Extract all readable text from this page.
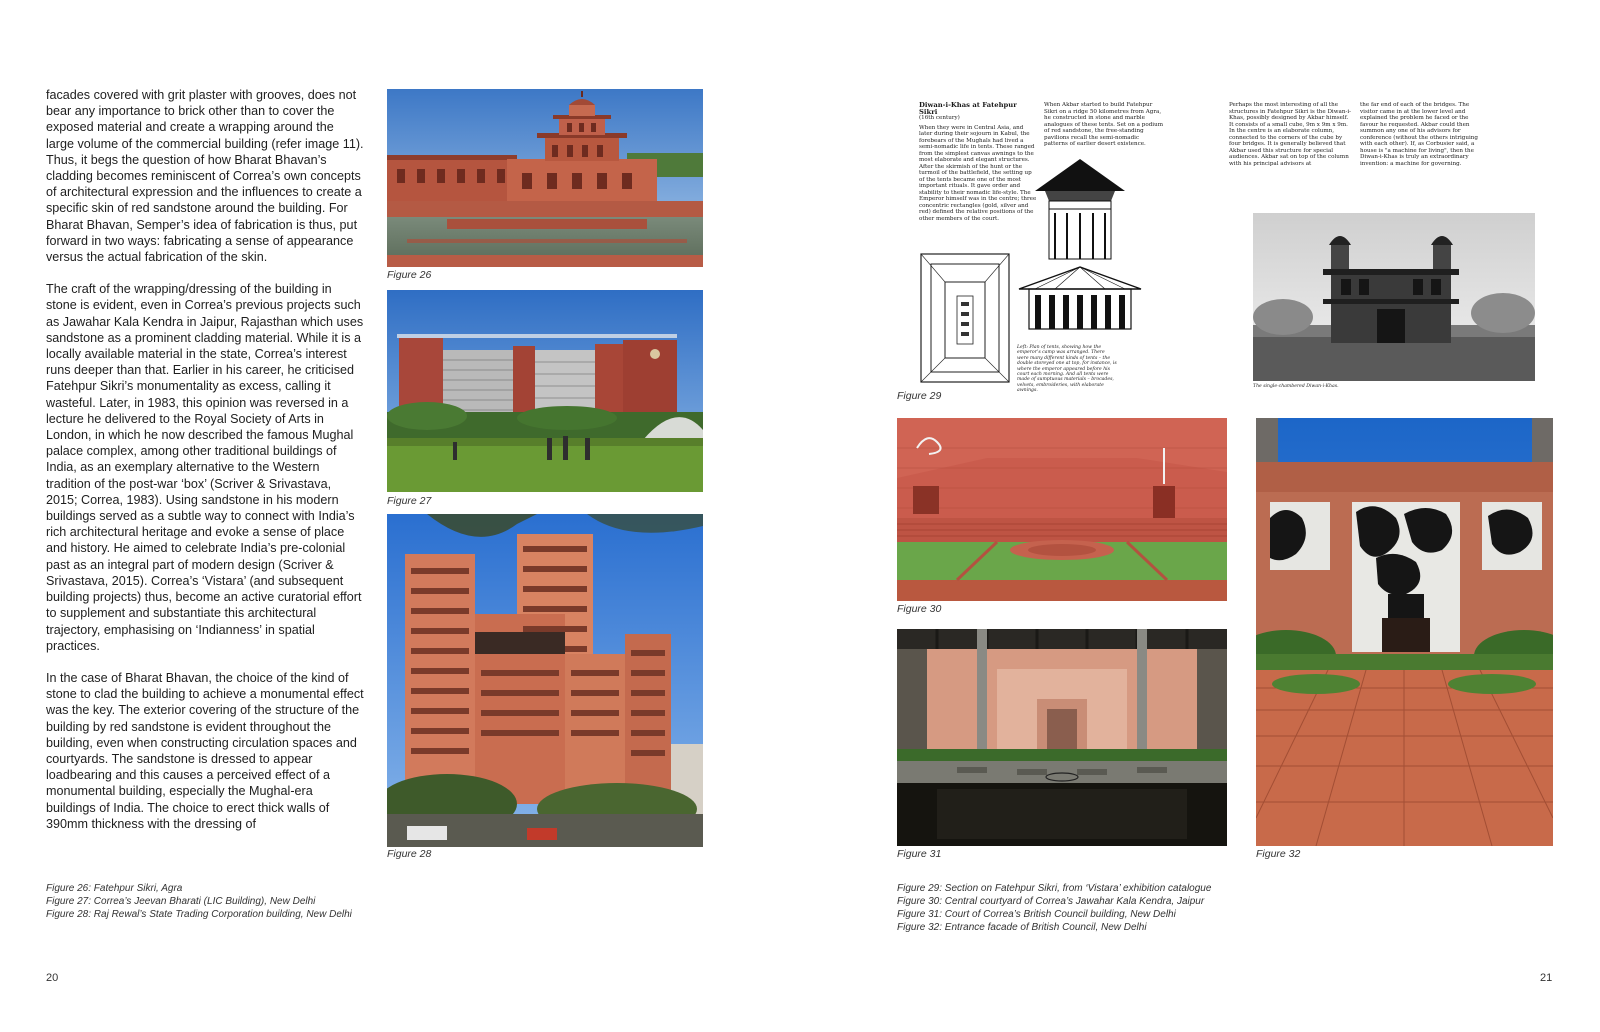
facades covered with grit plaster with grooves, does not bear any importance to brick other than to cover the exposed material and create a wrapping around the large volume of the commercial building (refer image 11). Thus, it begs the question of how Bharat Bhavan’s cladding becomes reminiscent of Correa’s own concepts of architectural expression and the influences to create a specific skin of red sandstone around the building. For Bharat Bhavan, Semper’s idea of fabrication is thus, put forward in two ways: fabricating a sense of appearance versus the actual fabrication of the skin.

The craft of the wrapping/dressing of the building in stone is evident, even in Correa’s previous projects such as Jawahar Kala Kendra in Jaipur, Rajasthan which uses sandstone as a prominent cladding material. While it is a locally available material in the state, Correa’s interest runs deeper than that. Earlier in his career, he criticised Fatehpur Sikri’s monumentality as excess, calling it wasteful. Later, in 1983, this opinion was reversed in a lecture he delivered to the Royal Society of Arts in London, in which he now described the famous Mughal palace complex, among other traditional buildings of India, as an exemplary alternative to the Western tradition of the post-war ‘box’ (Scriver & Srivastava, 2015; Correa, 1983). Using sandstone in his modern buildings served as a subtle way to connect with India’s rich architectural heritage and evoke a sense of place and history. He aimed to celebrate India’s pre-colonial past as an integral part of modern design (Scriver & Srivastava, 2015). Correa’s ‘Vistara’ (and subsequent building projects) thus, become an active curatorial effort to supplement and substantiate this architectural trajectory, emphasising on ‘Indianness’ in spatial practices.

In the case of Bharat Bhavan, the choice of the kind of stone to clad the building to achieve a monumental effect was the key. The exterior covering of the structure of the building by red sandstone is evident throughout the building, even when constructing circulation spaces and courtyards. The sandstone is dressed to appear loadbearing and this causes a perceived effect of a monumental building, especially the Mughal-era buildings of India. The choice to erect thick walls of 390mm thickness with the dressing of

Figure 26
Figure 27
Figure 28
Figure 26: Fatehpur Sikri, Agra
Figure 27: Correa’s Jeevan Bharati (LIC Building), New Delhi
Figure 28: Raj Rewal’s State Trading Corporation building, New Delhi
20
Diwan-i-Khas at Fatehpur Sikri
(16th century)
When they were in Central Asia, and later during their sojourn in Kabul, the forebears of the Mughals had lived a semi-nomadic life in tents. These ranged from the simplest canvas awnings to the most elaborate and elegant structures. After the skirmish of the hunt or the turmoil of the battlefield, the setting up of the tents became one of the most important rituals. It gave order and stability to their nomadic life-style. The Emperor himself was in the centre; three concentric rectangles (gold, silver and red) defined the relative positions of the other members of the court.
When Akbar started to build Fatehpur Sikri on a ridge 50 kilometres from Agra, he constructed in stone and marble analogues of these tents. Set on a podium of red sandstone, the free-standing pavilions recall the semi-nomadic patterns of earlier desert existence.
Left: Plan of tents, showing how the emperor’s camp was arranged. There were many different kinds of tents – the double storeyed one at top, for instance, is where the emperor appeared before his court each morning. And all tents were made of sumptuous materials – brocades, velvets, embroideries, with elaborate awnings.
Perhaps the most interesting of all the structures in Fatehpur Sikri is the Diwan-i-Khas, possibly designed by Akbar himself. It consists of a small cube, 9m x 9m x 9m. In the centre is an elaborate column, connected to the corners of the cube by four bridges. It is generally believed that Akbar used this structure for special audiences. Akbar sat on top of the column with his principal advisors at
the far end of each of the bridges. The visitor came in at the lower level and explained the problem he faced or the favour he requested. Akbar could then summon any one of his advisors for conference (without the others intriguing with each other). If, as Corbusier said, a house is "a machine for living", then the Diwan-i-Khas is truly an extraordinary invention: a machine for governing.
The single-chambered Diwan-i-Khas.
Figure 29
Figure 30
Figure 31	Figure 32
Figure 29: Section on Fatehpur Sikri, from ‘Vistara’ exhibition catalogue
Figure 30: Central courtyard of Correa’s Jawahar Kala Kendra, Jaipur
Figure 31: Court of Correa’s British Council building, New Delhi
Figure 32: Entrance facade of British Council, New Delhi
21
